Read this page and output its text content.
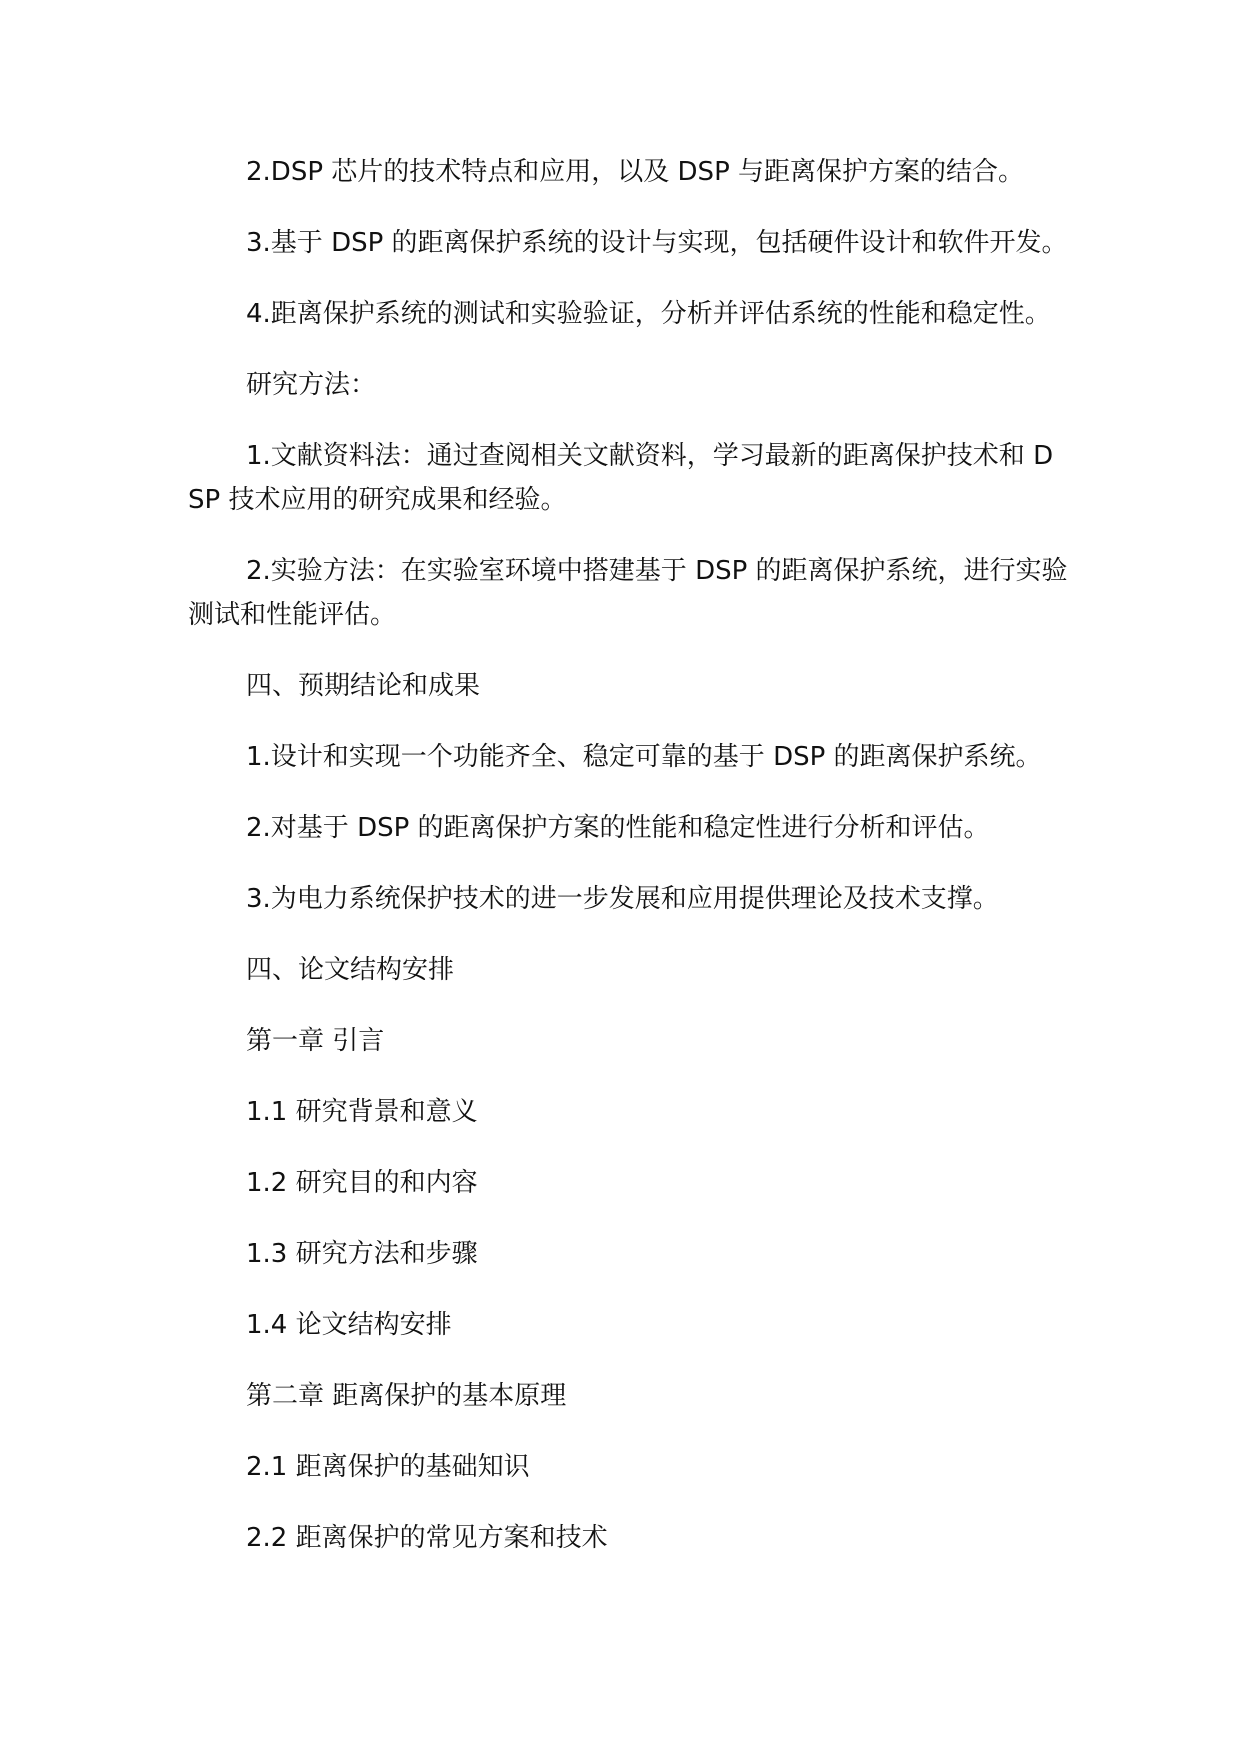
2.DSP 芯片的技术特点和应用，以及 DSP 与距离保护方案的结合。

3.基于 DSP 的距离保护系统的设计与实现，包括硬件设计和软件开发。

4.距离保护系统的测试和实验验证，分析并评估系统的性能和稳定性。

研究方法：

1.文献资料法：通过查阅相关文献资料，学习最新的距离保护技术和 DSP 技术应用的研究成果和经验。

2.实验方法：在实验室环境中搭建基于 DSP 的距离保护系统，进行实验测试和性能评估。

四、预期结论和成果

1.设计和实现一个功能齐全、稳定可靠的基于 DSP 的距离保护系统。

2.对基于 DSP 的距离保护方案的性能和稳定性进行分析和评估。

3.为电力系统保护技术的进一步发展和应用提供理论及技术支撑。

四、论文结构安排

第一章 引言

1.1 研究背景和意义

1.2 研究目的和内容

1.3 研究方法和步骤

1.4 论文结构安排

第二章 距离保护的基本原理

2.1 距离保护的基础知识

2.2 距离保护的常见方案和技术
